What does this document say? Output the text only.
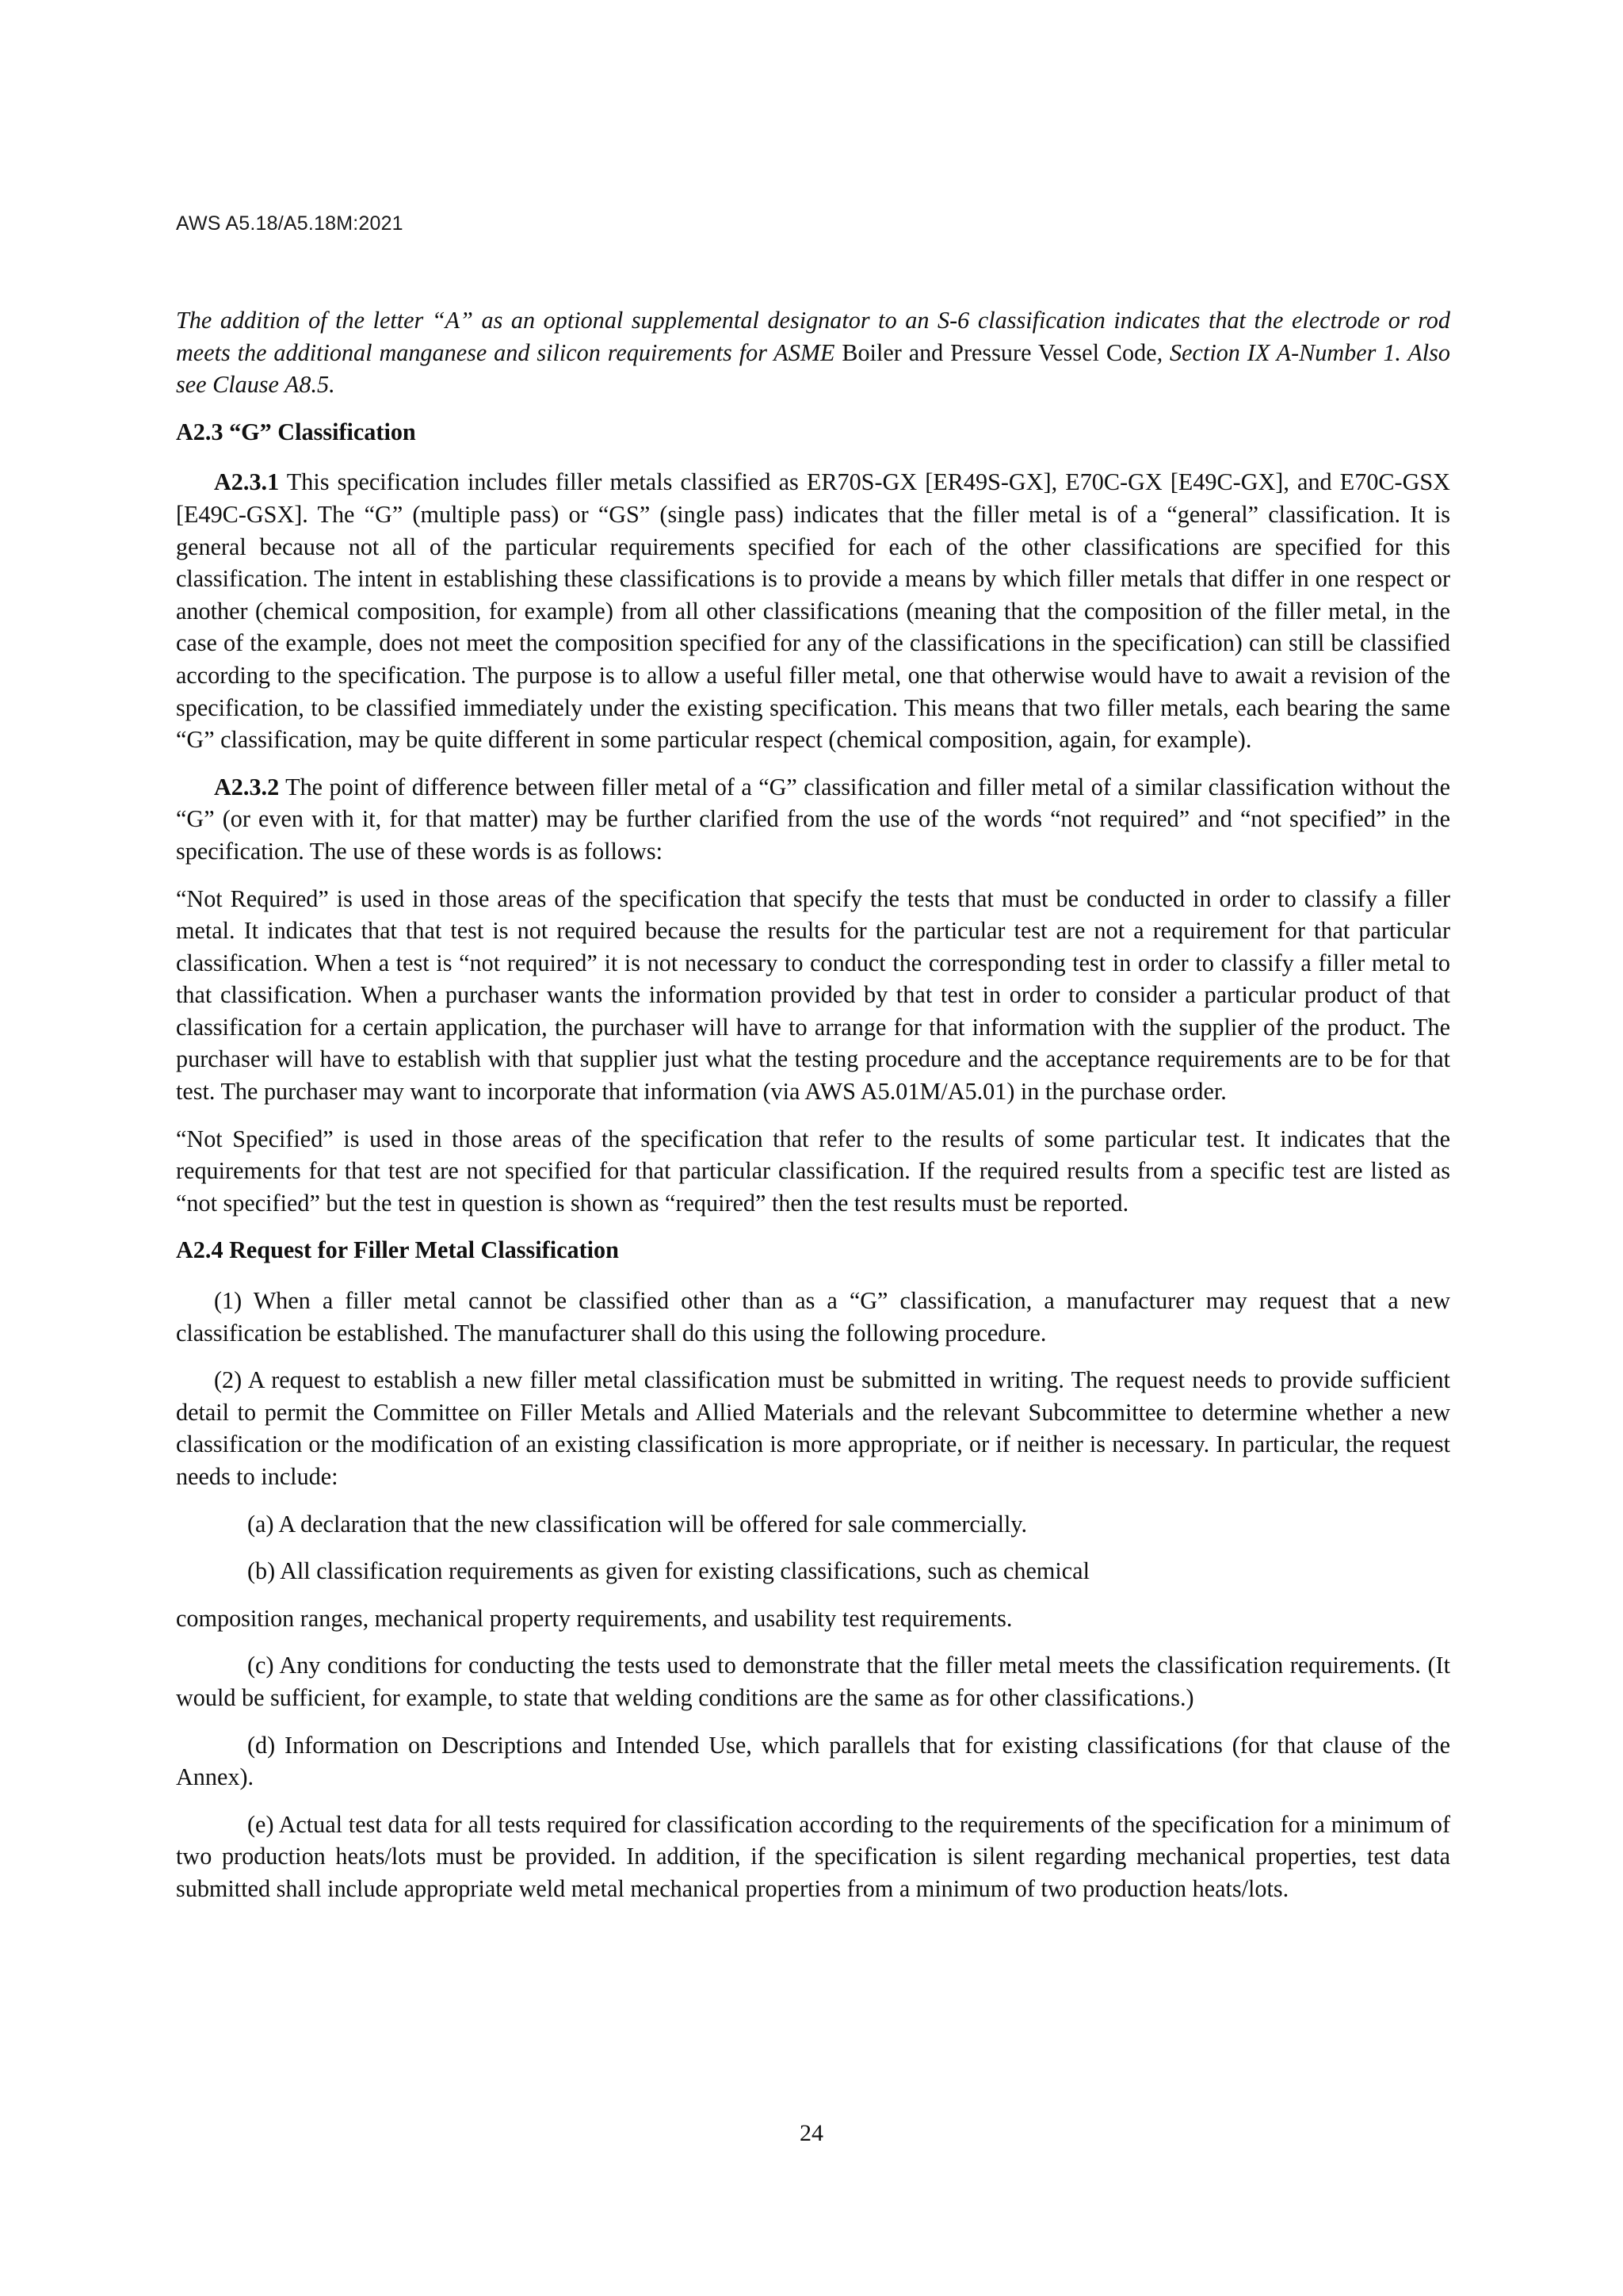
AWS A5.18/A5.18M:2021

The addition of the letter “A” as an optional supplemental designator to an S-6 classification indicates that the electrode or rod meets the additional manganese and silicon requirements for ASME Boiler and Pressure Vessel Code, Section IX A-Number 1. Also see Clause A8.5.

A2.3 “G” Classification

A2.3.1 This specification includes filler metals classified as ER70S-GX [ER49S-GX], E70C-GX [E49C-GX], and E70C-GSX [E49C-GSX]. The “G” (multiple pass) or “GS” (single pass) indicates that the filler metal is of a “general” classification. It is general because not all of the particular requirements specified for each of the other classifications are specified for this classification. The intent in establishing these classifications is to provide a means by which filler metals that differ in one respect or another (chemical composition, for example) from all other classifications (meaning that the composition of the filler metal, in the case of the example, does not meet the composition specified for any of the classifications in the specification) can still be classified according to the specification. The purpose is to allow a useful filler metal, one that otherwise would have to await a revision of the specification, to be classified immediately under the existing specification. This means that two filler metals, each bearing the same “G” classification, may be quite different in some particular respect (chemical composition, again, for example).

A2.3.2 The point of difference between filler metal of a “G” classification and filler metal of a similar classification without the “G” (or even with it, for that matter) may be further clarified from the use of the words “not required” and “not specified” in the specification. The use of these words is as follows:

“Not Required” is used in those areas of the specification that specify the tests that must be conducted in order to classify a filler metal. It indicates that that test is not required because the results for the particular test are not a requirement for that particular classification. When a test is “not required” it is not necessary to conduct the corresponding test in order to classify a filler metal to that classification. When a purchaser wants the information provided by that test in order to consider a particular product of that classification for a certain application, the purchaser will have to arrange for that information with the supplier of the product. The purchaser will have to establish with that supplier just what the testing procedure and the acceptance requirements are to be for that test. The purchaser may want to incorporate that information (via AWS A5.01M/A5.01) in the purchase order.

“Not Specified” is used in those areas of the specification that refer to the results of some particular test. It indicates that the requirements for that test are not specified for that particular classification. If the required results from a specific test are listed as “not specified” but the test in question is shown as “required” then the test results must be reported.

A2.4 Request for Filler Metal Classification

(1) When a filler metal cannot be classified other than as a “G” classification, a manufacturer may request that a new classification be established. The manufacturer shall do this using the following procedure.

(2) A request to establish a new filler metal classification must be submitted in writing. The request needs to provide sufficient detail to permit the Committee on Filler Metals and Allied Materials and the relevant Subcommittee to determine whether a new classification or the modification of an existing classification is more appropriate, or if neither is necessary. In particular, the request needs to include:

(a) A declaration that the new classification will be offered for sale commercially.

(b) All classification requirements as given for existing classifications, such as chemical

composition ranges, mechanical property requirements, and usability test requirements.

(c) Any conditions for conducting the tests used to demonstrate that the filler metal meets the classification requirements. (It would be sufficient, for example, to state that welding conditions are the same as for other classifications.)

(d) Information on Descriptions and Intended Use, which parallels that for existing classifications (for that clause of the Annex).

(e) Actual test data for all tests required for classification according to the requirements of the specification for a minimum of two production heats/lots must be provided. In addition, if the specification is silent regarding mechanical properties, test data submitted shall include appropriate weld metal mechanical properties from a minimum of two production heats/lots.

24
